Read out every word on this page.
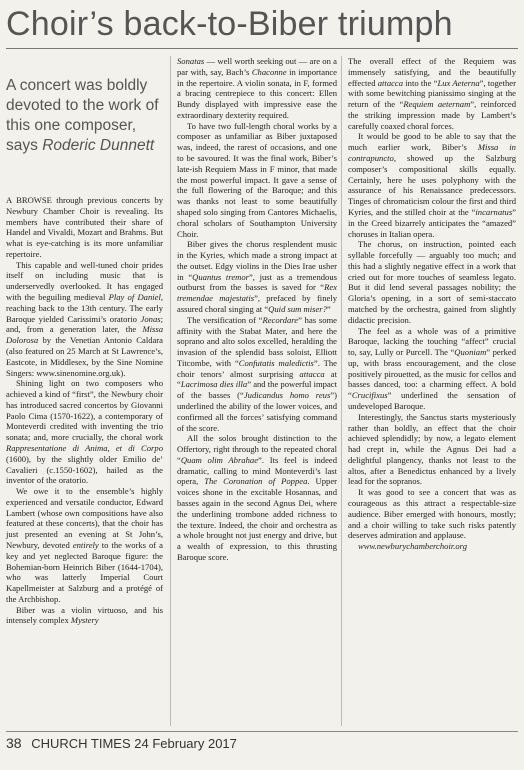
Choir’s back-to-Biber triumph
A concert was boldly devoted to the work of this one composer, says Roderic Dunnett

A BROWSE through previous concerts by Newbury Chamber Choir is revealing. Its members have contributed their share of Handel and Vivaldi, Mozart and Brahms. But what is eye-catching is its more unfamiliar repertoire.

This capable and well-tuned choir prides itself on including music that is underservedly overlooked. It has engaged with the beguiling medieval Play of Daniel, reaching back to the 13th century. The early Baroque yielded Carissimi’s oratorio Jonas; and, from a generation later, the Missa Dolorosa by the Venetian Antonio Caldara (also featured on 25 March at St Lawrence’s, Eastcote, in Middlesex, by the Sine Nomine Singers: www.sinenomine.org.uk).

Shining light on two composers who achieved a kind of “first”, the Newbury choir has introduced sacred concertos by Giovanni Paolo Cima (1570-1622), a contemporary of Monteverdi credited with inventing the trio sonata; and, more crucially, the choral work Rappresentatione di Anima, et di Corpo (1600), by the slightly older Emilio de’ Cavalieri (c.1550-1602), hailed as the inventor of the oratorio.

We owe it to the ensemble’s highly experienced and versatile conductor, Edward Lambert (whose own compositions have also featured at these concerts), that the choir has just presented an evening at St John’s, Newbury, devoted entirely to the works of a key and yet neglected Baroque figure: the Bohemian-born Heinrich Biber (1644-1704), who was latterly Imperial Court Kapellmeister at Salzburg and a protégé of the Archbishop.

Biber was a violin virtuoso, and his intensely complex Mystery

Sonatas — well worth seeking out — are on a par with, say, Bach’s Chaconne in importance in the repertoire. A violin sonata, in F, formed a bracing centrepiece to this concert: Ellen Bundy displayed with impressive ease the extraordinary dexterity required.

To have two full-length choral works by a composer as unfamiliar as Biber juxtaposed was, indeed, the rarest of occasions, and one to be savoured. It was the final work, Biber’s late-ish Requiem Mass in F minor, that made the most powerful impact. It gave a sense of the full flowering of the Baroque; and this was thanks not least to some beautifully shaped solo singing from Cantores Michaelis, choral scholars of Southampton University Choir.

Biber gives the chorus resplendent music in the Kyries, which made a strong impact at the outset. Edgy violins in the Dies Irae usher in “Quantus tremor”, just as a tremendous outburst from the basses is saved for “Rex tremendae majestatis”, prefaced by finely assured choral singing at “Quid sum miser?”

The versification of “Recordare” has some affinity with the Stabat Mater, and here the soprano and alto solos excelled, heralding the invasion of the splendid bass soloist, Elliott Titcombe, with “Confutatis maledictis”. The choir tenors’ almost surprising attacca at “Lacrimosa dies illa” and the powerful impact of the basses (“Judicandus homo reus”) underlined the ability of the lower voices, and confirmed all the forces’ satisfying command of the score.

All the solos brought distinction to the Offertory, right through to the repeated choral “Quam olim Abrahae”. Its feel is indeed dramatic, calling to mind Monteverdi’s last opera, The Coronation of Poppea. Upper voices shone in the excitable Hosannas, and basses again in the second Agnus Dei, where the underlining trombone added richness to the texture. Indeed, the choir and orchestra as a whole brought not just energy and drive, but a wealth of expression, to this thrusting Baroque score.

The overall effect of the Requiem was immensely satisfying, and the beautifully effected attacca into the “Lux Aeterna”, together with some bewitching pianissimo singing at the return of the “Requiem aeternam”, reinforced the striking impression made by Lambert’s carefully coaxed choral forces.

It would be good to be able to say that the much earlier work, Biber’s Missa in contrapuncto, showed up the Salzburg composer’s compositional skills equally. Certainly, here he uses polyphony with the assurance of his Renaissance predecessors. Tinges of chromaticism colour the first and third Kyries, and the stilled choir at the “incarnatus” in the Creed bizarrely anticipates the “amazed” choruses in Italian opera.

The chorus, on instruction, pointed each syllable forcefully — arguably too much; and this had a slightly negative effect in a work that cried out for more touches of seamless legato. But it did lend several passages nobility; the Gloria’s opening, in a sort of semi-staccato matched by the orchestra, gained from slightly didactic precision.

The feel as a whole was of a primitive Baroque, lacking the touching “affect” crucial to, say, Lully or Purcell. The “Quoniam” perked up, with brass encouragement, and the close positively pirouetted, as the music for cellos and basses danced, too: a charming effect. A bold “Crucifixus” underlined the sensation of undeveloped Baroque.

Interestingly, the Sanctus starts mysteriously rather than boldly, an effect that the choir achieved splendidly; by now, a legato element had crept in, while the Agnus Dei had a delightful plangency, thanks not least to the altos, after a Benedictus enhanced by a lively lead for the sopranos.

It was good to see a concert that was as courageous as this attract a respectable-size audience. Biber emerged with honours, mostly; and a choir willing to take such risks patently deserves admiration and applause.

www.newburychamberchoir.org

38 CHURCH TIMES 24 February 2017
